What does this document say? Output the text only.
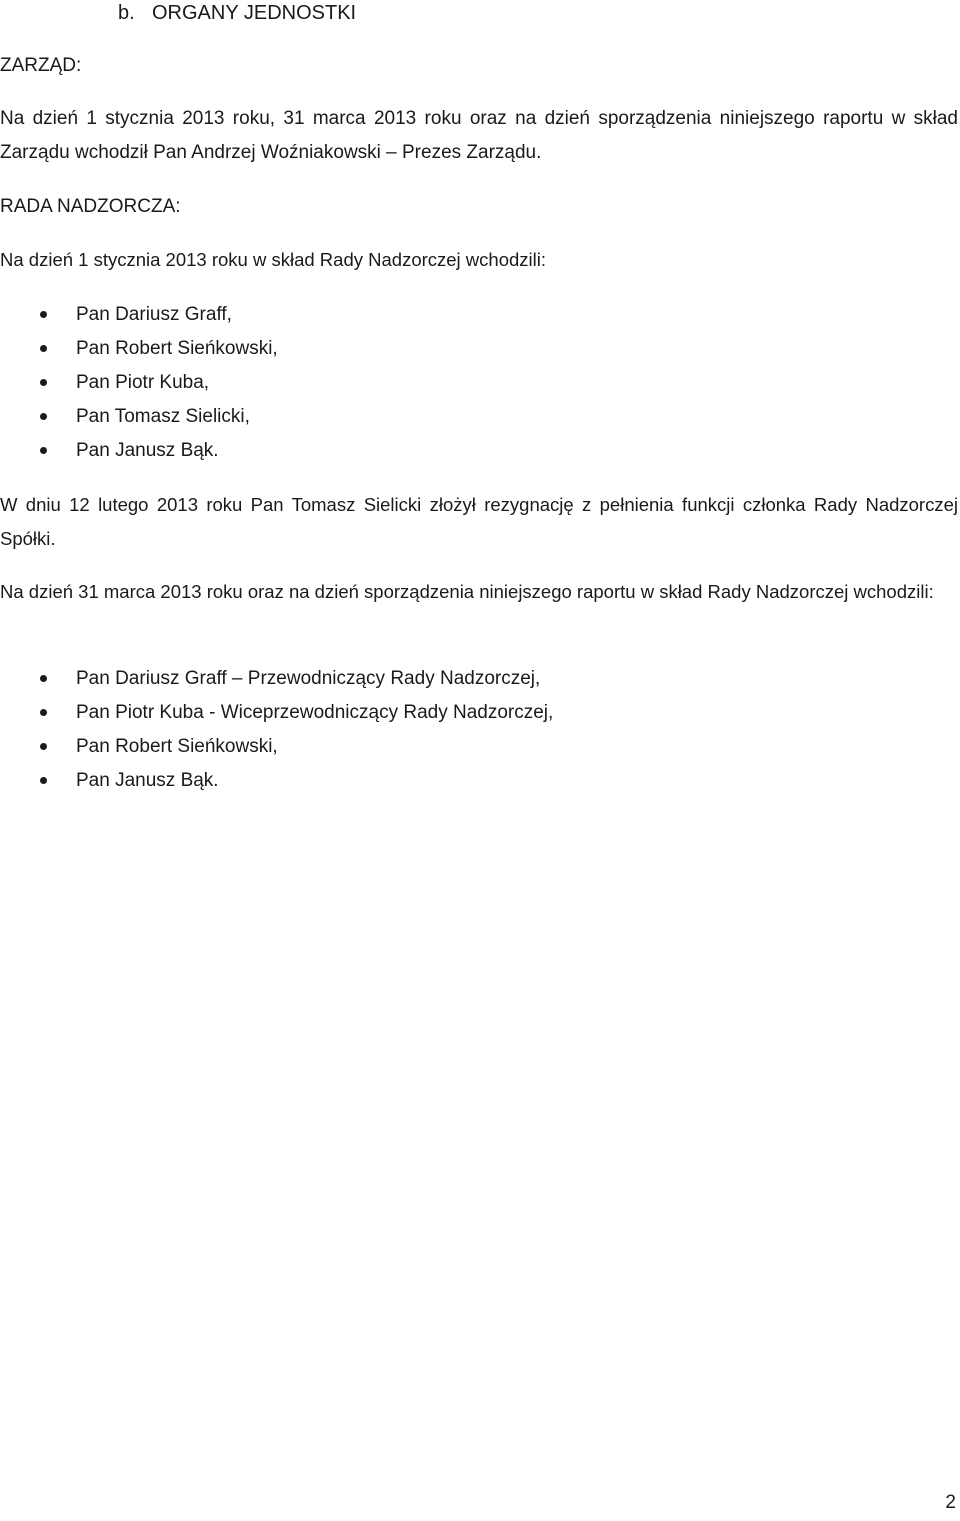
b. ORGANY JEDNOSTKI
ZARZĄD:
Na dzień 1 stycznia 2013 roku, 31 marca 2013 roku oraz na dzień sporządzenia niniejszego raportu w skład Zarządu wchodził Pan Andrzej Woźniakowski – Prezes Zarządu.
RADA NADZORCZA:
Na dzień 1 stycznia 2013 roku w skład Rady Nadzorczej wchodzili:
Pan Dariusz Graff,
Pan Robert Sieńkowski,
Pan Piotr Kuba,
Pan Tomasz Sielicki,
Pan Janusz Bąk.
W dniu 12 lutego 2013 roku Pan Tomasz Sielicki złożył rezygnację z pełnienia funkcji członka Rady Nadzorczej Spółki.
Na dzień 31 marca 2013 roku oraz na dzień sporządzenia niniejszego raportu w skład Rady Nadzorczej wchodzili:
Pan Dariusz Graff – Przewodniczący Rady Nadzorczej,
Pan Piotr Kuba - Wiceprzewodniczący Rady Nadzorczej,
Pan Robert Sieńkowski,
Pan Janusz Bąk.
2
